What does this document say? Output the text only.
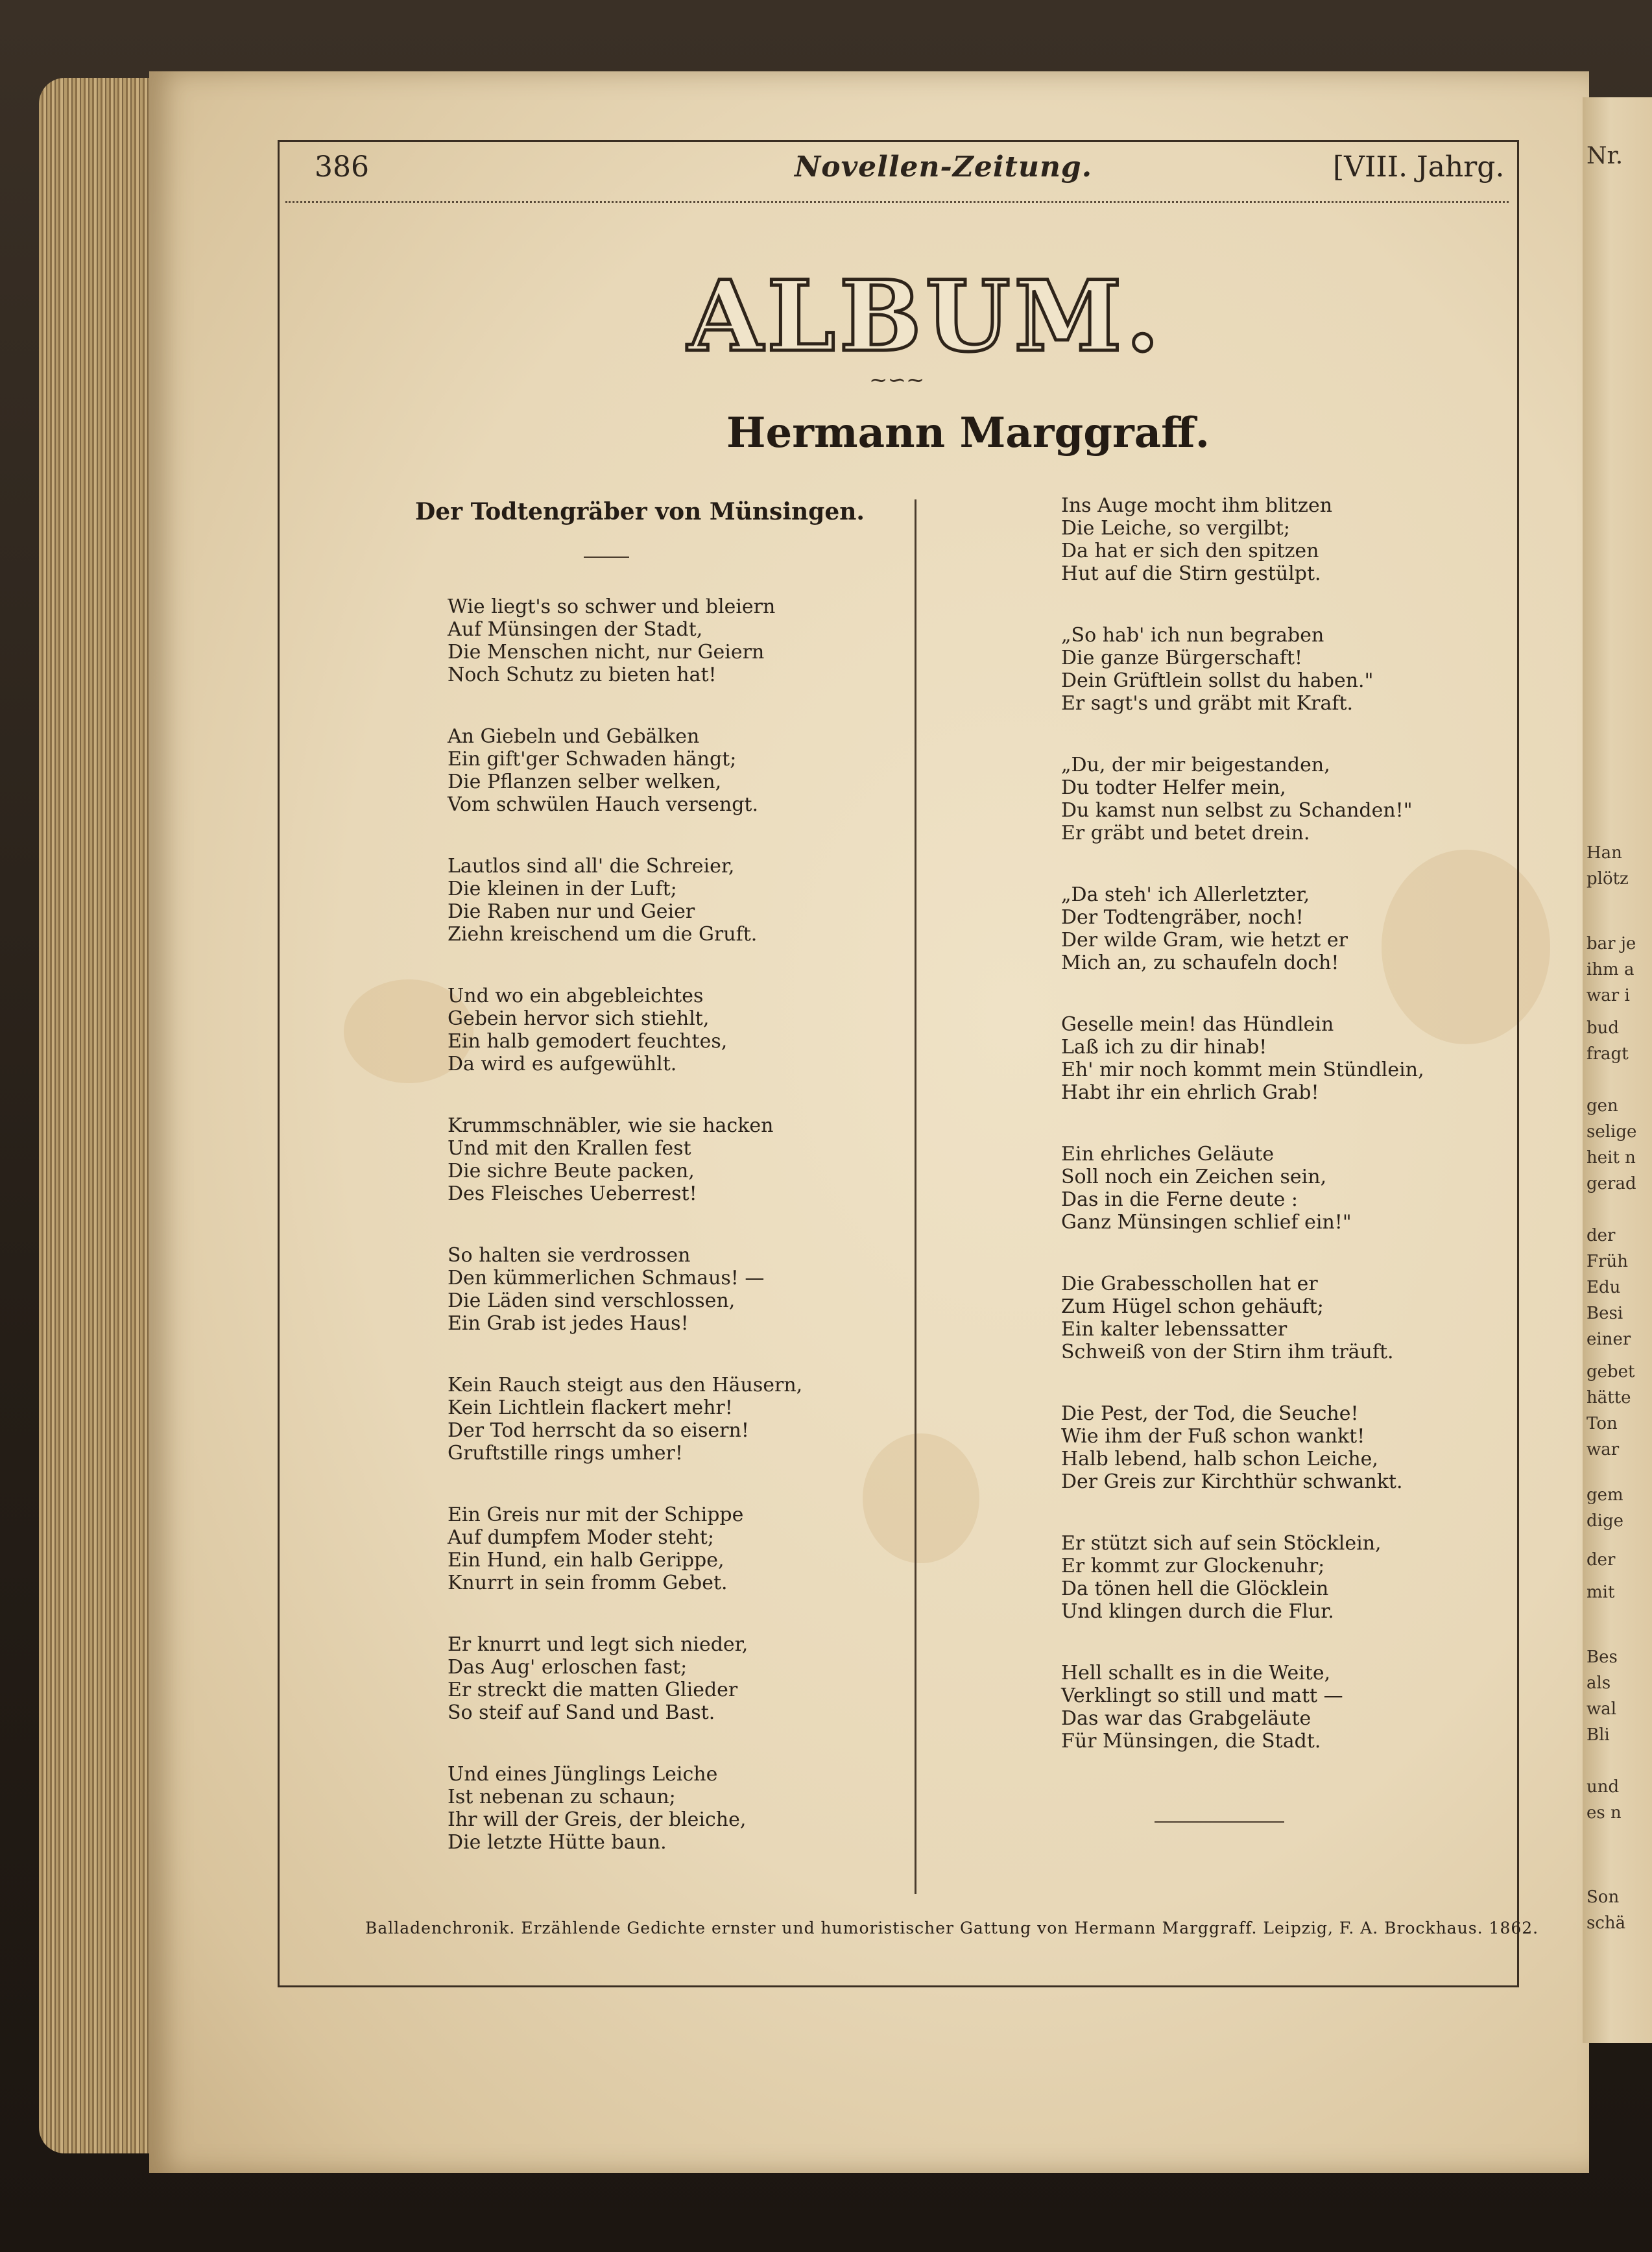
Nr.
Han
plötz
bar je
ihm a
war i
bud
fragt
gen
selige
heit n
gerad
der
Früh
Edu
Besi
einer
gebet
hätte
Ton
war
gem
dige
der
mit
Bes
als
wal
Bli
und
es n
Son
schä
386	Novellen-Zeitung.	[VIII. Jahrg.
ALBUM.
~⁠∽⁠~
Hermann Marggraff.
Der Todtengräber von Münsingen.
Wie liegt's so schwer und bleiern
Auf Münsingen der Stadt,
Die Menschen nicht, nur Geiern
Noch Schutz zu bieten hat!
An Giebeln und Gebälken
Ein gift'ger Schwaden hängt;
Die Pflanzen selber welken,
Vom schwülen Hauch versengt.
Lautlos sind all' die Schreier,
Die kleinen in der Luft;
Die Raben nur und Geier
Ziehn kreischend um die Gruft.
Und wo ein abgebleichtes
Gebein hervor sich stiehlt,
Ein halb gemodert feuchtes,
Da wird es aufgewühlt.
Krummschnäbler, wie sie hacken
Und mit den Krallen fest
Die sichre Beute packen,
Des Fleisches Ueberrest!
So halten sie verdrossen
Den kümmerlichen Schmaus! —
Die Läden sind verschlossen,
Ein Grab ist jedes Haus!
Kein Rauch steigt aus den Häusern,
Kein Lichtlein flackert mehr!
Der Tod herrscht da so eisern!
Gruftstille rings umher!
Ein Greis nur mit der Schippe
Auf dumpfem Moder steht;
Ein Hund, ein halb Gerippe,
Knurrt in sein fromm Gebet.
Er knurrt und legt sich nieder,
Das Aug' erloschen fast;
Er streckt die matten Glieder
So steif auf Sand und Bast.
Und eines Jünglings Leiche
Ist nebenan zu schaun;
Ihr will der Greis, der bleiche,
Die letzte Hütte baun.
Ins Auge mocht ihm blitzen
Die Leiche, so vergilbt;
Da hat er sich den spitzen
Hut auf die Stirn gestülpt.
„So hab' ich nun begraben
Die ganze Bürgerschaft!
Dein Grüftlein sollst du haben."
Er sagt's und gräbt mit Kraft.
„Du, der mir beigestanden,
Du todter Helfer mein,
Du kamst nun selbst zu Schanden!"
Er gräbt und betet drein.
„Da steh' ich Allerletzter,
Der Todtengräber, noch!
Der wilde Gram, wie hetzt er
Mich an, zu schaufeln doch!
Geselle mein! das Hündlein
Laß ich zu dir hinab!
Eh' mir noch kommt mein Stündlein,
Habt ihr ein ehrlich Grab!
Ein ehrliches Geläute
Soll noch ein Zeichen sein,
Das in die Ferne deute :
Ganz Münsingen schlief ein!"
Die Grabesschollen hat er
Zum Hügel schon gehäuft;
Ein kalter lebenssatter
Schweiß von der Stirn ihm träuft.
Die Pest, der Tod, die Seuche!
Wie ihm der Fuß schon wankt!
Halb lebend, halb schon Leiche,
Der Greis zur Kirchthür schwankt.
Er stützt sich auf sein Stöcklein,
Er kommt zur Glockenuhr;
Da tönen hell die Glöcklein
Und klingen durch die Flur.
Hell schallt es in die Weite,
Verklingt so still und matt —
Das war das Grabgeläute
Für Münsingen, die Stadt.
Balladenchronik. Erzählende Gedichte ernster und humoristischer Gattung von Hermann Marggraff. Leipzig, F. A. Brockhaus. 1862.
